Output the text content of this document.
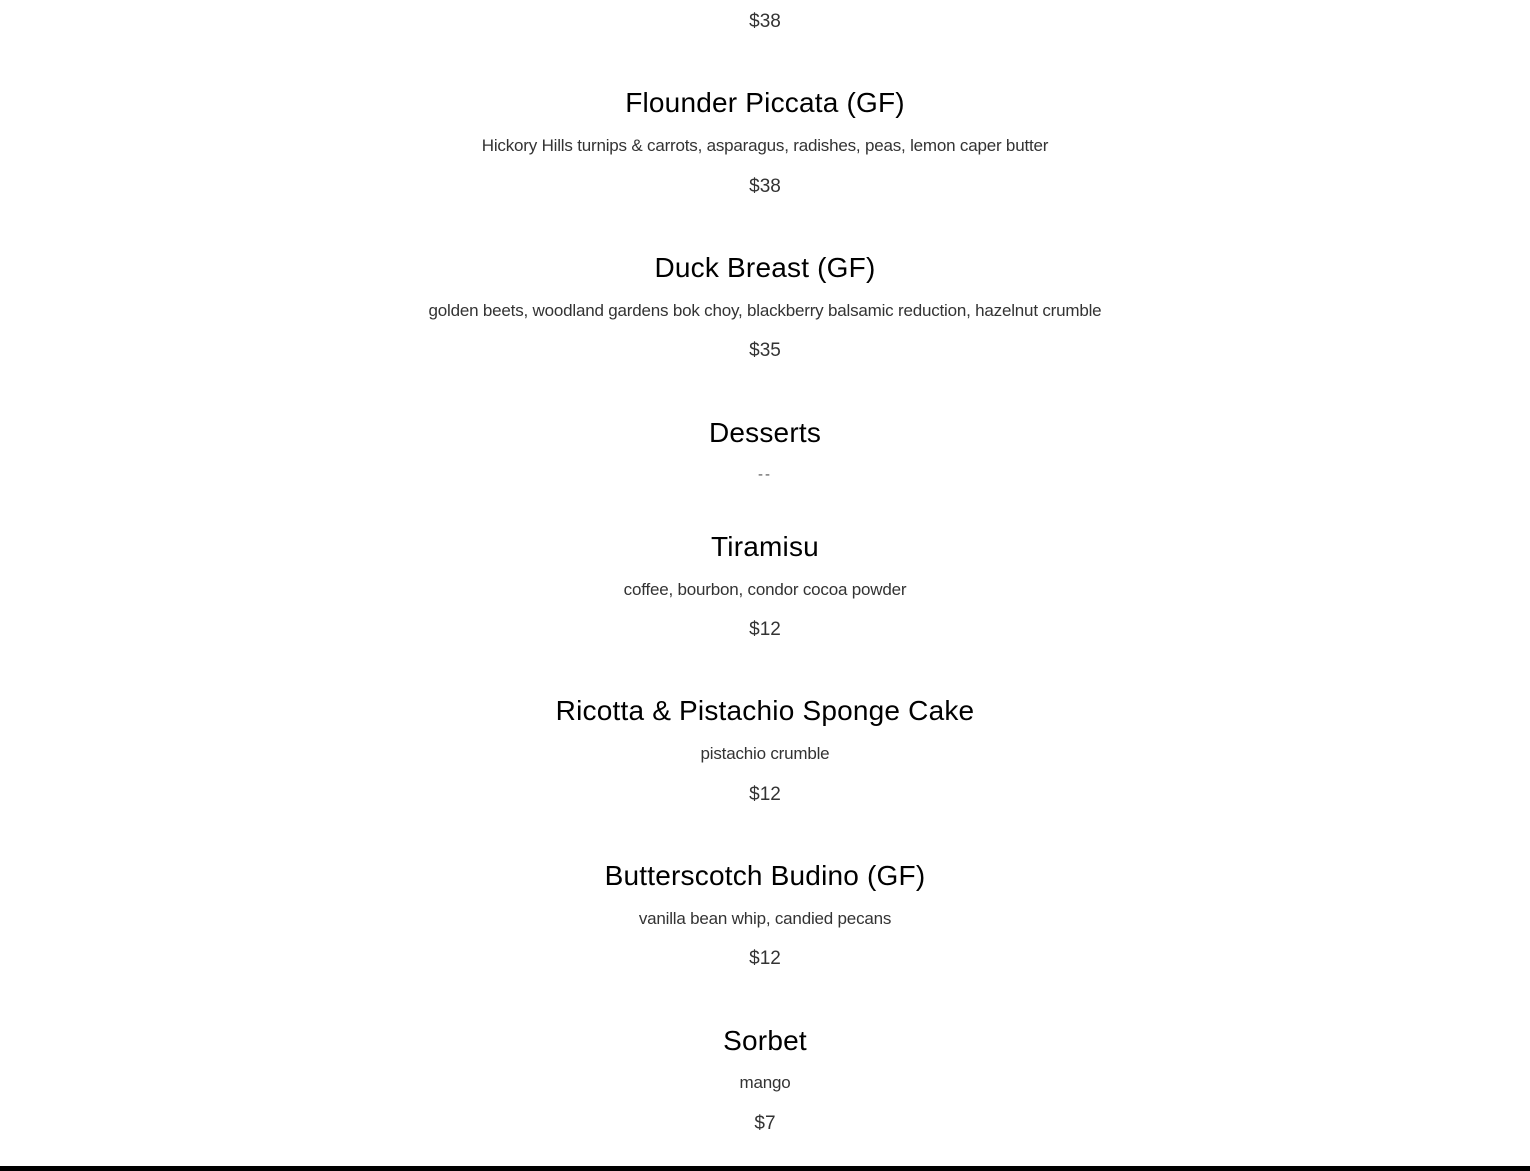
$38
Flounder Piccata (GF)
Hickory Hills turnips & carrots, asparagus, radishes, peas, lemon caper butter
$38
Duck Breast (GF)
golden beets, woodland gardens bok choy, blackberry balsamic reduction, hazelnut crumble
$35
Desserts
--
Tiramisu
coffee, bourbon, condor cocoa powder
$12
Ricotta & Pistachio Sponge Cake
pistachio crumble
$12
Butterscotch Budino (GF)
vanilla bean whip, candied pecans
$12
Sorbet
mango
$7
